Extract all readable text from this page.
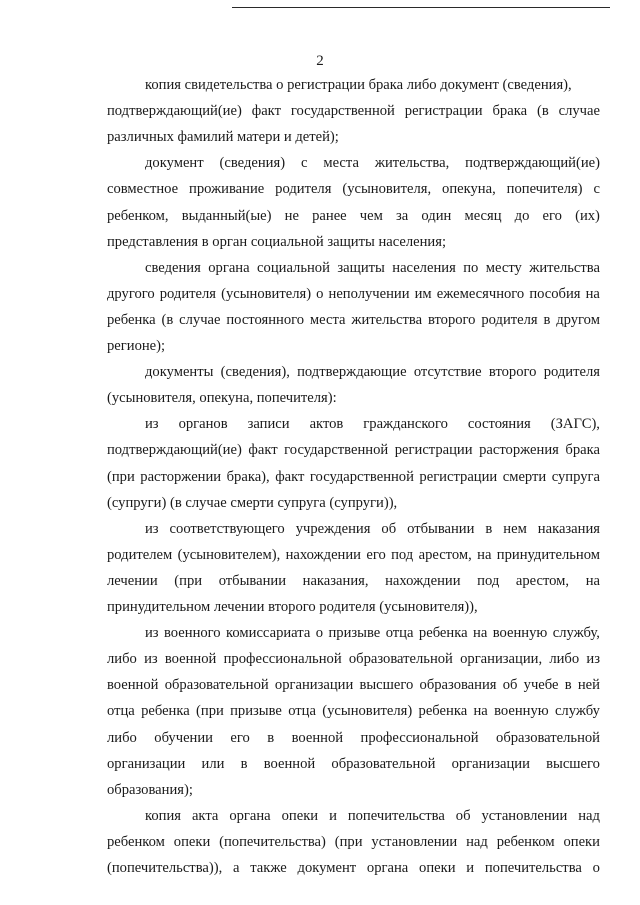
2
копия свидетельства о регистрации брака либо документ (сведения),
подтверждающий(ие) факт государственной регистрации брака (в случае
различных фамилий матери и детей);
документ (сведения) с места жительства, подтверждающий(ие)
совместное проживание родителя (усыновителя, опекуна, попечителя) с
ребенком, выданный(ые) не ранее чем за один месяц до его (их)
представления в орган социальной защиты населения;
сведения органа социальной защиты населения по месту жительства
другого родителя (усыновителя) о неполучении им ежемесячного пособия на
ребенка (в случае постоянного места жительства второго родителя в другом
регионе);
документы (сведения), подтверждающие отсутствие второго родителя
(усыновителя, опекуна, попечителя):
из органов записи актов гражданского состояния (ЗАГС),
подтверждающий(ие) факт государственной регистрации расторжения брака
(при расторжении брака), факт государственной регистрации смерти супруга
(супруги) (в случае смерти супруга (супруги)),
из соответствующего учреждения об отбывании в нем наказания
родителем (усыновителем), нахождении его под арестом, на принудительном
лечении (при отбывании наказания, нахождении под арестом, на
принудительном лечении второго родителя (усыновителя)),
из военного комиссариата о призыве отца ребенка на военную службу,
либо из военной профессиональной образовательной организации, либо из
военной образовательной организации высшего образования об учебе в ней
отца ребенка (при призыве отца (усыновителя) ребенка на военную службу
либо обучении его в военной профессиональной образовательной
организации или в военной образовательной организации высшего
образования);
копия акта органа опеки и попечительства об установлении над
ребенком опеки (попечительства) (при установлении над ребенком опеки
(попечительства)), а также документ органа опеки и попечительства о
